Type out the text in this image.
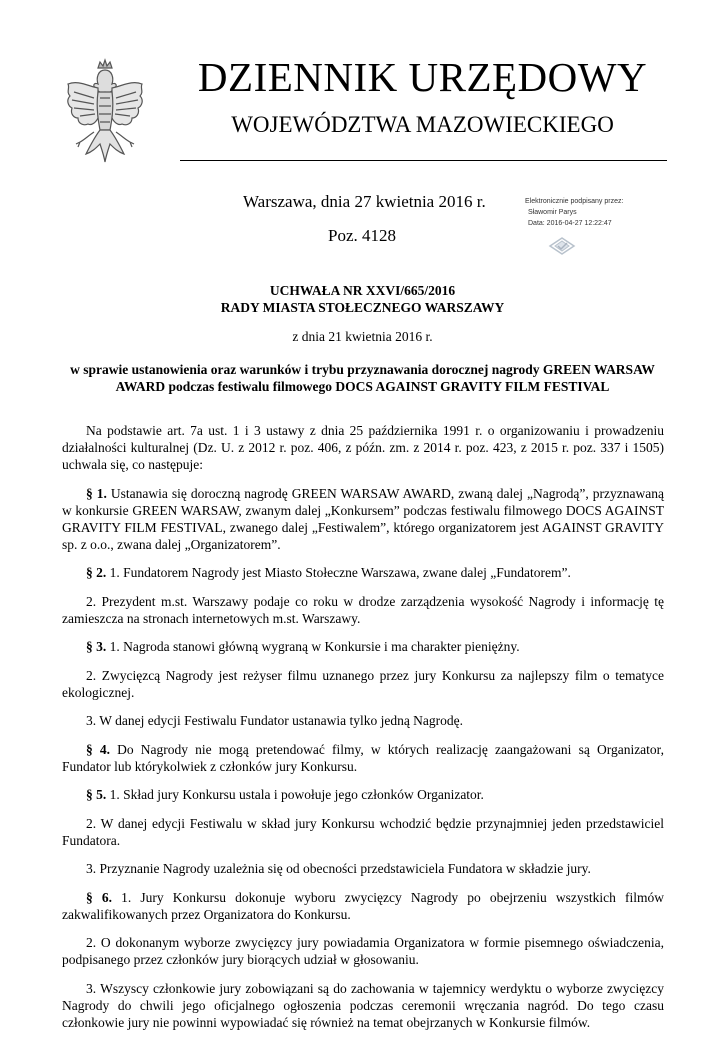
DZIENNIK URZĘDOWY
WOJEWÓDZTWA MAZOWIECKIEGO
Warszawa, dnia 27 kwietnia 2016 r.
Poz. 4128
Elektronicznie podpisany przez:
Sławomir Parys
Data: 2016-04-27 12:22:47
UCHWAŁA NR XXVI/665/2016
RADY MIASTA STOŁECZNEGO WARSZAWY
z dnia 21 kwietnia 2016 r.
w sprawie ustanowienia oraz warunków i trybu przyznawania dorocznej nagrody GREEN WARSAW AWARD podczas festiwalu filmowego DOCS AGAINST GRAVITY FILM FESTIVAL

Na podstawie art. 7a ust. 1 i 3 ustawy z dnia 25 października 1991 r. o organizowaniu i prowadzeniu działalności kulturalnej (Dz. U. z 2012 r. poz. 406, z późn. zm. z 2014 r. poz. 423, z 2015 r. poz. 337 i 1505) uchwala się, co następuje:

§ 1. Ustanawia się doroczną nagrodę GREEN WARSAW AWARD, zwaną dalej „Nagrodą”, przyznawaną w konkursie GREEN WARSAW, zwanym dalej „Konkursem” podczas festiwalu filmowego DOCS AGAINST GRAVITY FILM FESTIVAL, zwanego dalej „Festiwalem”, którego organizatorem jest AGAINST GRAVITY sp. z o.o., zwana dalej „Organizatorem”.

§ 2. 1. Fundatorem Nagrody jest Miasto Stołeczne Warszawa, zwane dalej „Fundatorem”.

2. Prezydent m.st. Warszawy podaje co roku w drodze zarządzenia wysokość Nagrody i informację tę zamieszcza na stronach internetowych m.st. Warszawy.

§ 3. 1. Nagroda stanowi główną wygraną w Konkursie i ma charakter pieniężny.

2. Zwycięzcą Nagrody jest reżyser filmu uznanego przez jury Konkursu za najlepszy film o tematyce ekologicznej.

3. W danej edycji Festiwalu Fundator ustanawia tylko jedną Nagrodę.

§ 4. Do Nagrody nie mogą pretendować filmy, w których realizację zaangażowani są Organizator, Fundator lub którykolwiek z członków jury Konkursu.

§ 5. 1. Skład jury Konkursu ustala i powołuje jego członków Organizator.

2. W danej edycji Festiwalu w skład jury Konkursu wchodzić będzie przynajmniej jeden przedstawiciel Fundatora.

3. Przyznanie Nagrody uzależnia się od obecności przedstawiciela Fundatora w składzie jury.

§ 6. 1. Jury Konkursu dokonuje wyboru zwycięzcy Nagrody po obejrzeniu wszystkich filmów zakwalifikowanych przez Organizatora do Konkursu.

2. O dokonanym wyborze zwycięzcy jury powiadamia Organizatora w formie pisemnego oświadczenia, podpisanego przez członków jury biorących udział w głosowaniu.

3. Wszyscy członkowie jury zobowiązani są do zachowania w tajemnicy werdyktu o wyborze zwycięzcy Nagrody do chwili jego oficjalnego ogłoszenia podczas ceremonii wręczania nagród. Do tego czasu członkowie jury nie powinni wypowiadać się również na temat obejrzanych w Konkursie filmów.
